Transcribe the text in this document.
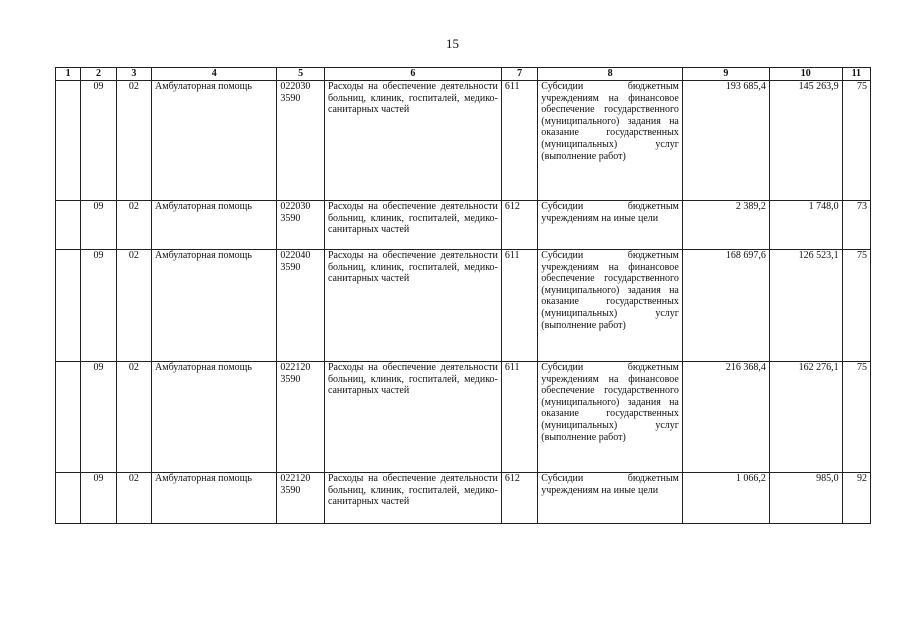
15
1	2	3	4	5	6	7	8	9	10	11
	09	02	Амбулаторная помощь	022030 3590	Расходы на обеспечение деятельности больниц, клиник, госпиталей, медико-санитарных частей	611	Субсидии бюджетным учреждениям на финансовое обеспечение государственного (муниципального) задания на оказание государственных (муниципальных) услуг (выполнение работ)	193 685,4	145 263,9	75
	09	02	Амбулаторная помощь	022030 3590	Расходы на обеспечение деятельности больниц, клиник, госпиталей, медико-санитарных частей	612	Субсидии бюджетным учреждениям на иные цели	2 389,2	1 748,0	73
	09	02	Амбулаторная помощь	022040 3590	Расходы на обеспечение деятельности больниц, клиник, госпиталей, медико-санитарных частей	611	Субсидии бюджетным учреждениям на финансовое обеспечение государственного (муниципального) задания на оказание государственных (муниципальных) услуг (выполнение работ)	168 697,6	126 523,1	75
	09	02	Амбулаторная помощь	022120 3590	Расходы на обеспечение деятельности больниц, клиник, госпиталей, медико-санитарных частей	611	Субсидии бюджетным учреждениям на финансовое обеспечение государственного (муниципального) задания на оказание государственных (муниципальных) услуг (выполнение работ)	216 368,4	162 276,1	75
	09	02	Амбулаторная помощь	022120 3590	Расходы на обеспечение деятельности больниц, клиник, госпиталей, медико-санитарных частей	612	Субсидии бюджетным учреждениям на иные цели	1 066,2	985,0	92
